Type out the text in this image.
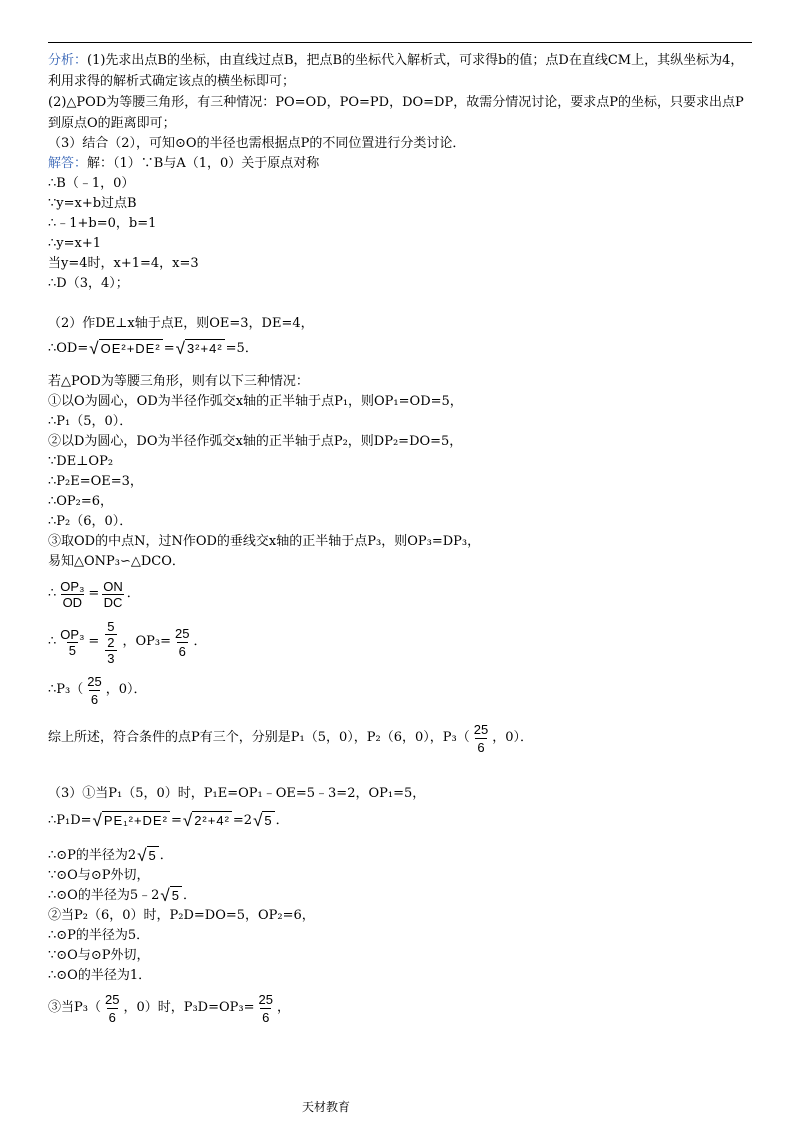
分析：(1)先求出点B的坐标，由直线过点B，把点B的坐标代入解析式，可求得b的值；点D在直线CM上，其纵坐标为4，利用求得的解析式确定该点的横坐标即可；
(2)△POD为等腰三角形，有三种情况：PO=OD，PO=PD，DO=DP，故需分情况讨论，要求点P的坐标，只要求出点P到原点O的距离即可；
（3）结合（2），可知⊙O的半径也需根据点P的不同位置进行分类讨论．
解答：解：（1）∵B与A（1，0）关于原点对称
∴B（﹣1，0）
∵y=x+b过点B
∴﹣1+b=0，b=1
∴y=x+1
当y=4时，x+1=4，x=3
∴D（3，4）；
（2）作DE⊥x轴于点E，则OE=3，DE=4，
∴OD= √ OE²+DE² = √ 3²+4² =5．
若△POD为等腰三角形，则有以下三种情况：
①以O为圆心，OD为半径作弧交x轴的正半轴于点P₁，则OP₁=OD=5，
∴P₁（5，0）．
②以D为圆心，DO为半径作弧交x轴的正半轴于点P₂，则DP₂=DO=5，
∵DE⊥OP₂
∴P₂E=OE=3，
∴OP₂=6，
∴P₂（6，0）．
③取OD的中点N，过N作OD的垂线交x轴的正半轴于点P₃，则OP₃=DP₃，
易知△ONP₃∽△DCO．
∴ $\frac{\text{OP₃}}{OD} = \frac{ON}{DC}$ ．
∴ $\frac{\text{OP₃}}{5} = \frac{\frac{5}{2}}{3}$ ，$OP_3= \frac{25}{6}$ ．
∴P₃（ $\frac{25}{6}$ ，0）．
综上所述，符合条件的点P有三个，分别是P₁（5，0），P₂（6，0），$P_3( \frac{25}{6}$ ，0）．
（3）①当P₁（5，0）时，P₁E=OP₁﹣OE=5﹣3=2，OP₁=5，
∴P₁D= √ PE₁²+DE² = √ 2²+4² =2 √ 5 ．
∴⊙P的半径为2 √ 5 ．
∵⊙O与⊙P外切，
∴⊙O的半径为5﹣2 √ 5 ．
②当P₂（6，0）时，P₂D=DO=5，OP₂=6，
∴⊙P的半径为5．
∵⊙O与⊙P外切，
∴⊙O的半径为1．
③当$P_3( \frac{25}{6}$ ，0）时，$P_3D=OP_3= \frac{25}{6}$ ，
天材教育
